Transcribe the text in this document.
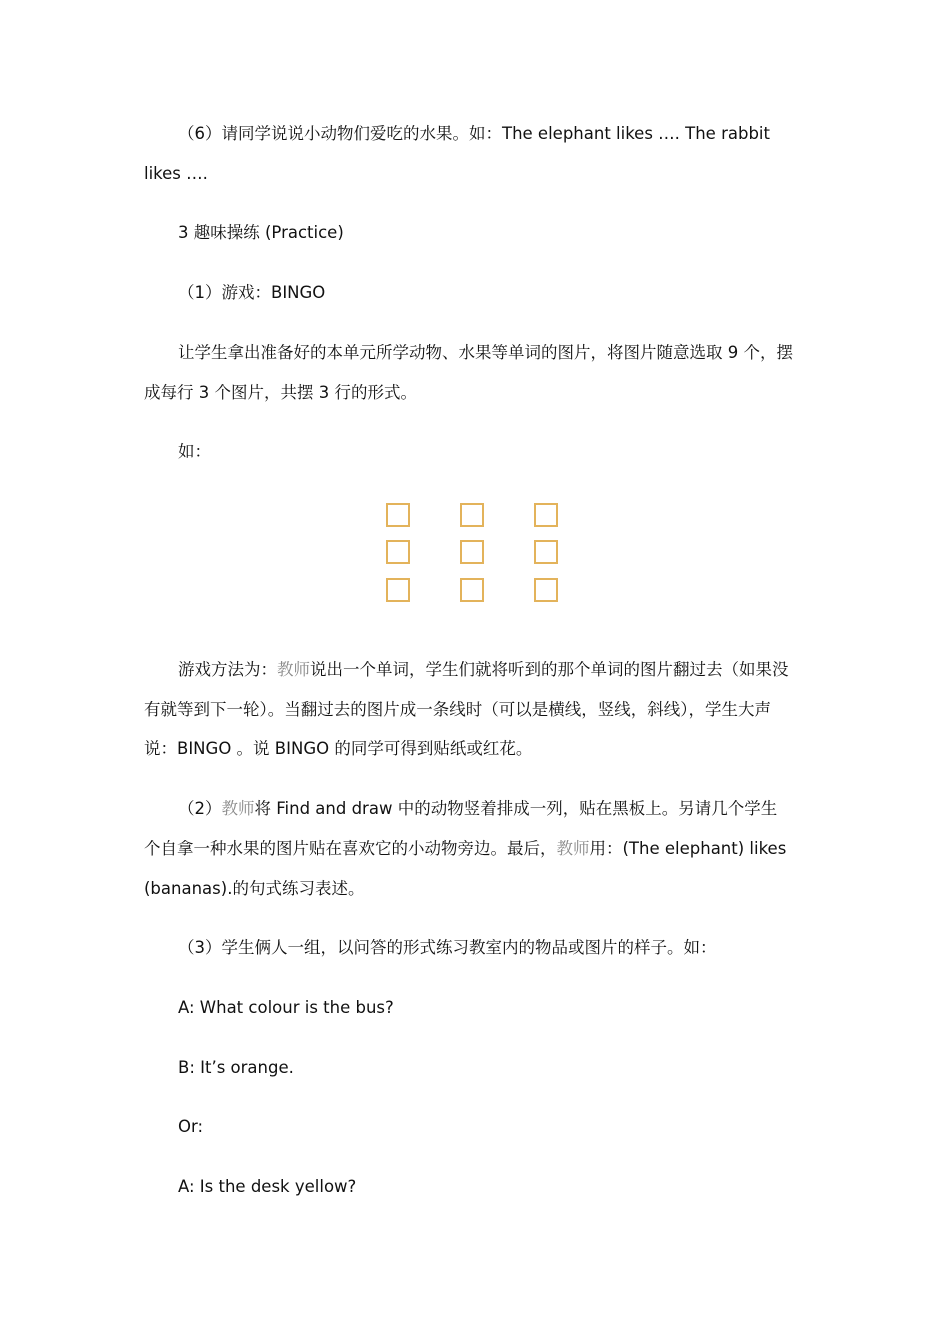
（6）请同学说说小动物们爱吃的水果。如：The elephant likes …. The rabbit
likes ….
3 趣味操练 (Practice)
（1）游戏：BINGO
让学生拿出准备好的本单元所学动物、水果等单词的图片，将图片随意选取 9 个，摆
成每行 3 个图片，共摆 3 行的形式。
如：
游戏方法为：教师说出一个单词，学生们就将听到的那个单词的图片翻过去（如果没
有就等到下一轮）。当翻过去的图片成一条线时（可以是横线，竖线，斜线），学生大声
说：BINGO 。说 BINGO 的同学可得到贴纸或红花。
（2）教师将 Find and draw 中的动物竖着排成一列，贴在黑板上。另请几个学生
个自拿一种水果的图片贴在喜欢它的小动物旁边。最后，教师用：(The elephant) likes
(bananas).的句式练习表述。
（3）学生俩人一组，以问答的形式练习教室内的物品或图片的样子。如：
A: What colour is the bus?
B: It’s orange.
Or:
A: Is the desk yellow?
